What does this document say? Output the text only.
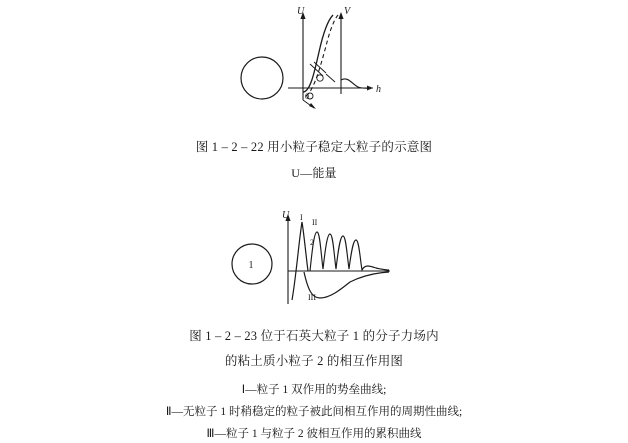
U	V
h
0
图 1 – 2 – 22 用小粒子稳定大粒子的示意图
U—能量
1
U I
II
2
III
图 1 – 2 – 23 位于石英大粒子 1 的分子力场内
的粘土质小粒子 2 的相互作用图
Ⅰ—粒子 1 双作用的势垒曲线;
Ⅱ—无粒子 1 时稍稳定的粒子被此间相互作用的周期性曲线;
Ⅲ—粒子 1 与粒子 2 彼相互作用的累积曲线
